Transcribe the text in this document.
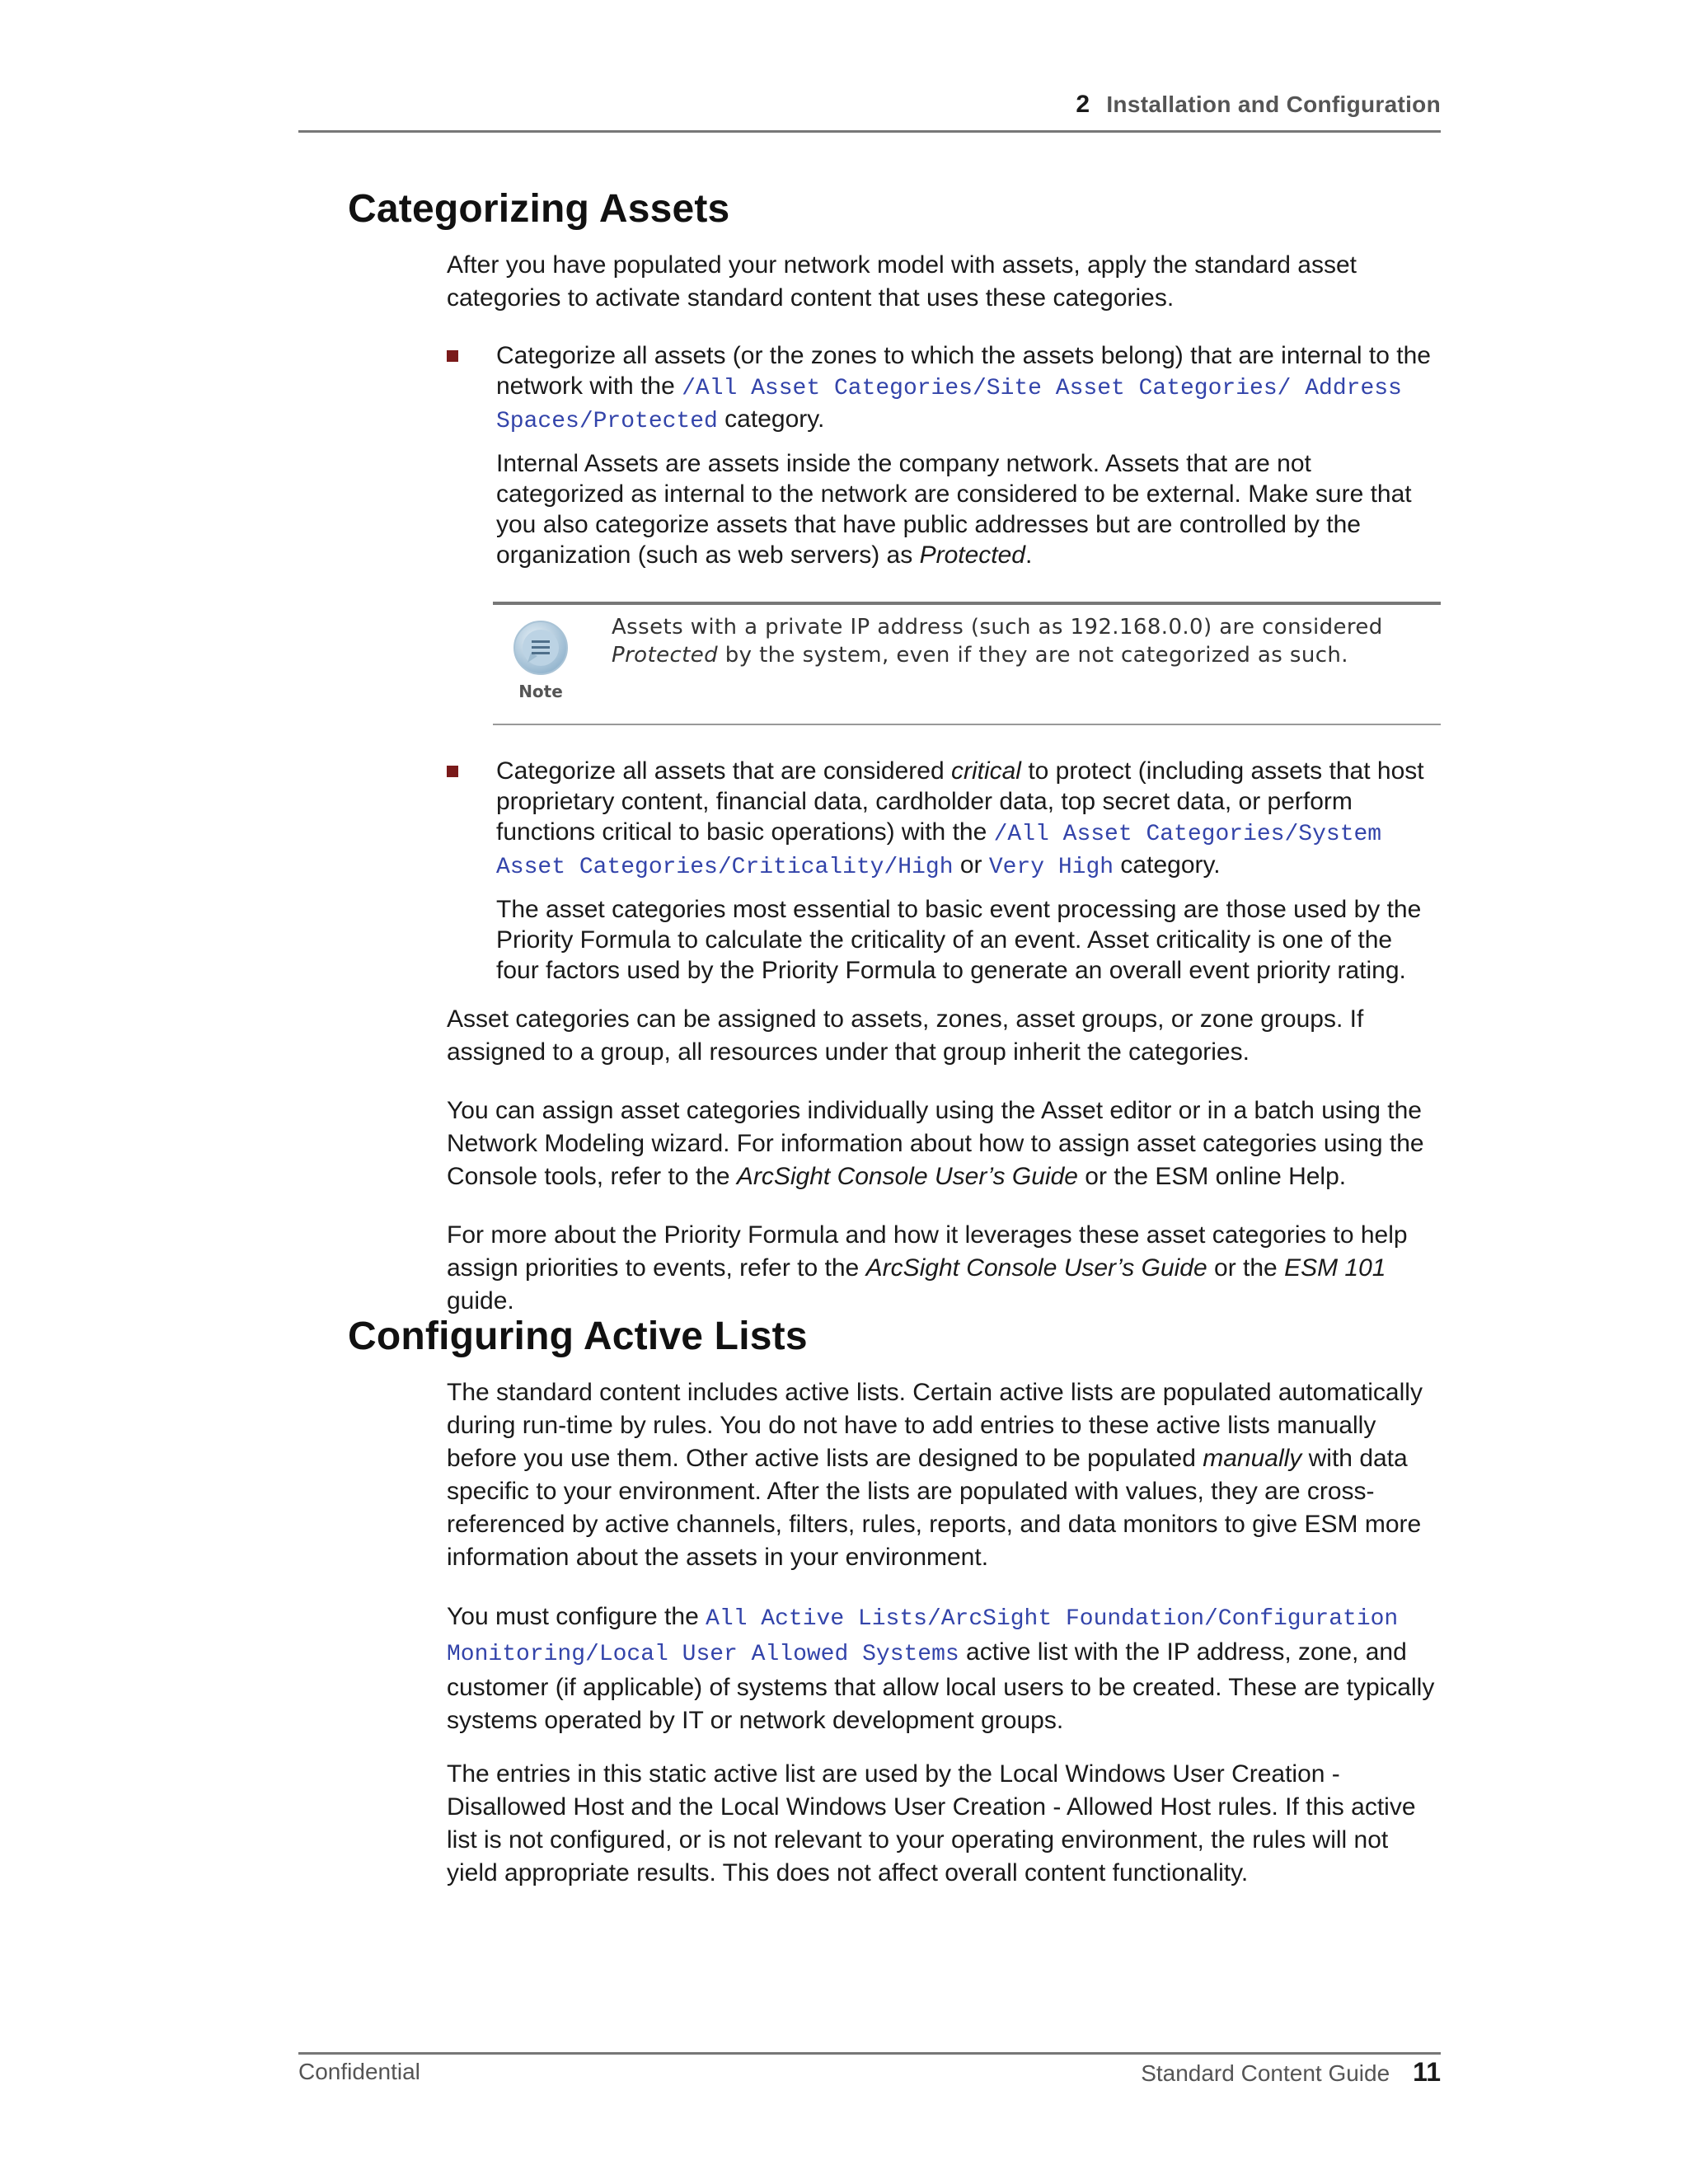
2 Installation and Configuration
Categorizing Assets

After you have populated your network model with assets, apply the standard asset categories to activate standard content that uses these categories.

Categorize all assets (or the zones to which the assets belong) that are internal to the network with the /All Asset Categories/Site Asset Categories/ Address Spaces/Protected category.

Internal Assets are assets inside the company network. Assets that are not categorized as internal to the network are considered to be external. Make sure that you also categorize assets that have public addresses but are controlled by the organization (such as web servers) as Protected.

Note
Assets with a private IP address (such as 192.168.0.0) are considered Protected by the system, even if they are not categorized as such.

Categorize all assets that are considered critical to protect (including assets that host proprietary content, financial data, cardholder data, top secret data, or perform functions critical to basic operations) with the /All Asset Categories/System Asset Categories/Criticality/High or Very High category.

The asset categories most essential to basic event processing are those used by the Priority Formula to calculate the criticality of an event. Asset criticality is one of the four factors used by the Priority Formula to generate an overall event priority rating.

Asset categories can be assigned to assets, zones, asset groups, or zone groups. If assigned to a group, all resources under that group inherit the categories.

You can assign asset categories individually using the Asset editor or in a batch using the Network Modeling wizard. For information about how to assign asset categories using the Console tools, refer to the ArcSight Console User’s Guide or the ESM online Help.

For more about the Priority Formula and how it leverages these asset categories to help assign priorities to events, refer to the ArcSight Console User’s Guide or the ESM 101 guide.

Configuring Active Lists

The standard content includes active lists. Certain active lists are populated automatically during run-time by rules. You do not have to add entries to these active lists manually before you use them. Other active lists are designed to be populated manually with data specific to your environment. After the lists are populated with values, they are cross-referenced by active channels, filters, rules, reports, and data monitors to give ESM more information about the assets in your environment.

You must configure the All Active Lists/ArcSight Foundation/Configuration Monitoring/Local User Allowed Systems active list with the IP address, zone, and customer (if applicable) of systems that allow local users to be created. These are typically systems operated by IT or network development groups.

The entries in this static active list are used by the Local Windows User Creation - Disallowed Host and the Local Windows User Creation - Allowed Host rules. If this active list is not configured, or is not relevant to your operating environment, the rules will not yield appropriate results. This does not affect overall content functionality.

Confidential	Standard Content Guide 11
